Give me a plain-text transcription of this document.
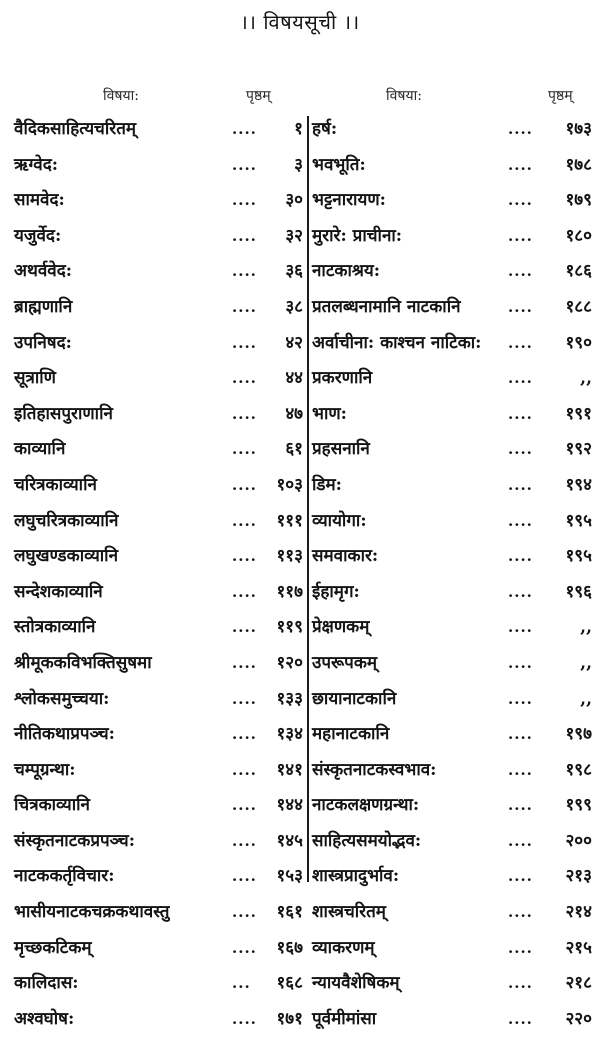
।। विषयसूची ।।
विषया:	पृष्ठम्	विषया:	पृष्ठम्
वैदिकसाहित्यचरितम्	....	१
ऋग्वेद:	....	३
सामवेद:	....	३०
यजुर्वेद:	....	३२
अथर्ववेद:	....	३६
ब्राह्मणानि	....	३८
उपनिषद:	....	४२
सूत्राणि	....	४४
इतिहासपुराणानि	....	४७
काव्यानि	....	६१
चरित्रकाव्यानि	....	१०३
लघुचरित्रकाव्यानि	....	१११
लघुखण्डकाव्यानि	....	११३
सन्देशकाव्यानि	....	११७
स्तोत्रकाव्यानि	....	११९
श्रीमूककविभक्तिसुषमा	....	१२०
श्लोकसमुच्चया:	....	१३३
नीतिकथाप्रपञ्च:	....	१३४
चम्पूग्रन्था:	....	१४१
चित्रकाव्यानि	....	१४४
संस्कृतनाटकप्रपञ्च:	....	१४५
नाटककर्तृविचार:	....	१५३
भासीयनाटकचक्रकथावस्तु	....	१६१
मृच्छकटिकम्	....	१६७
कालिदास:	...	१६८
अश्वघोष:	....	१७१
हर्ष:	....	१७३
भवभूति:	....	१७८
भट्टनारायण:	....	१७९
मुरारे: प्राचीना:	....	१८०
नाटकाश्रय:	....	१८६
प्रतलब्धनामानि नाटकानि	....	१८८
अर्वाचीना: काश्चन नाटिका: ....	१९०
प्रकरणानि	....	,,
भाण:	....	१९१
प्रहसनानि	....	१९२
डिम:	....	१९४
व्यायोगा:	....	१९५
समवाकार:	....	१९५
ईहामृग:	....	१९६
प्रेक्षणकम्	....	,,
उपरूपकम्	....	,,
छायानाटकानि	....	,,
महानाटकानि	....	१९७
संस्कृतनाटकस्वभाव:	....	१९८
नाटकलक्षणग्रन्था:	....	१९९
साहित्यसमयोद्भव:	....	२००
शास्त्रप्रादुर्भाव:	....	२१३
शास्त्रचरितम्	....	२१४
व्याकरणम्	....	२१५
न्यायवैशेषिकम्	....	२१८
पूर्वमीमांसा	....	२२०
